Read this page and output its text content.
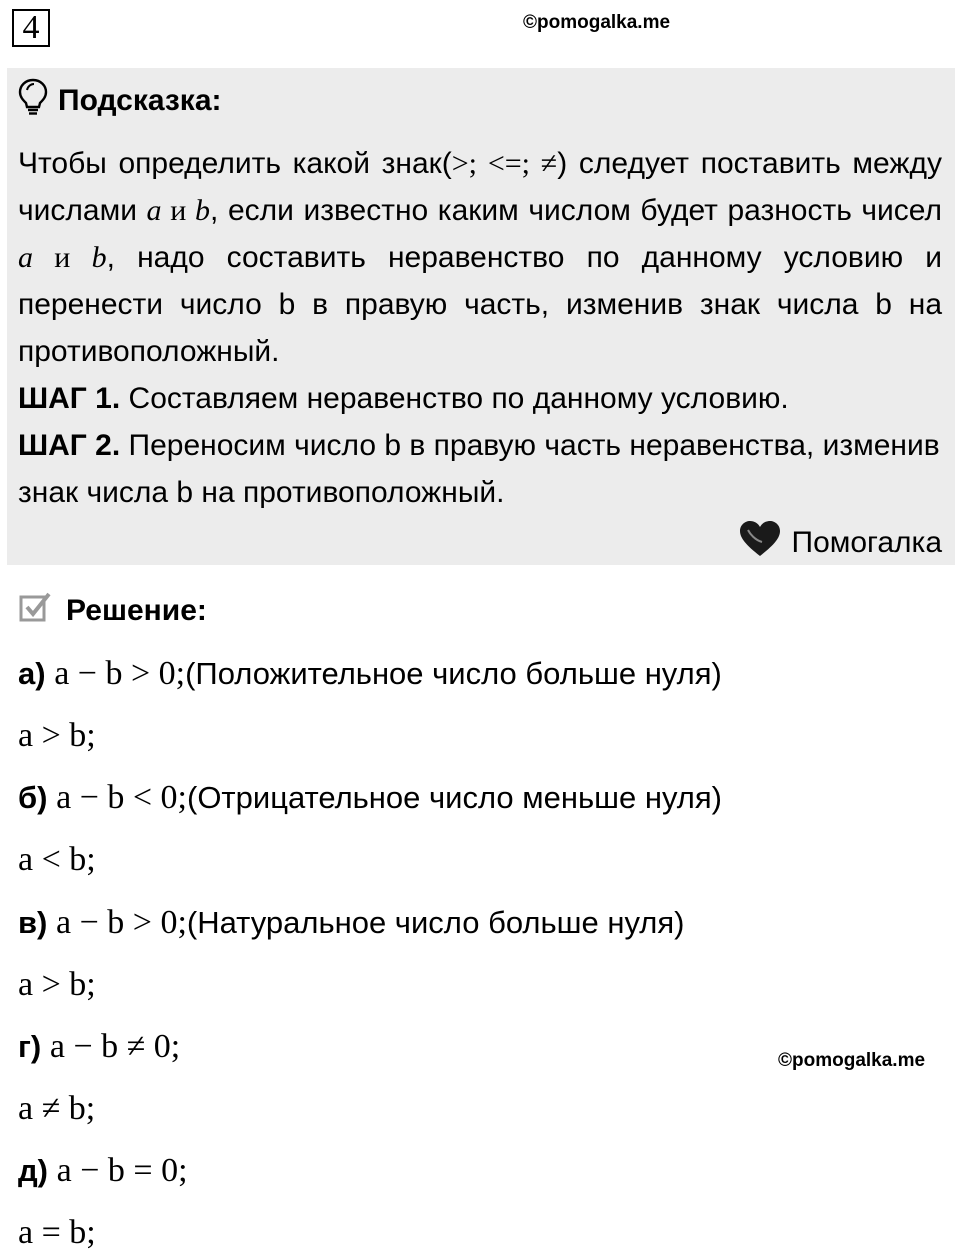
4	©pomogalka.me
Подсказка:

Чтобы определить какой знак(>; <=; ≠) следует поставить между числами a и b, если известно каким числом будет разность чисел a и b, надо составить неравенство по данному условию и перенести число b в правую часть, изменив знак числа b на противоположный.

ШАГ 1. Составляем неравенство по данному условию.

ШАГ 2. Переносим число b в правую часть неравенства, изменив знак числа b на противоположный.

Помогалка
Решение:
а) a − b > 0;(Положительное число больше нуля)
a > b;
б) a − b < 0;(Отрицательное число меньше нуля)
a < b;
в) a − b > 0;(Натуральное число больше нуля)
a > b;
г) a − b ≠ 0;
a ≠ b;
д) a − b = 0;
a = b;
©pomogalka.me
